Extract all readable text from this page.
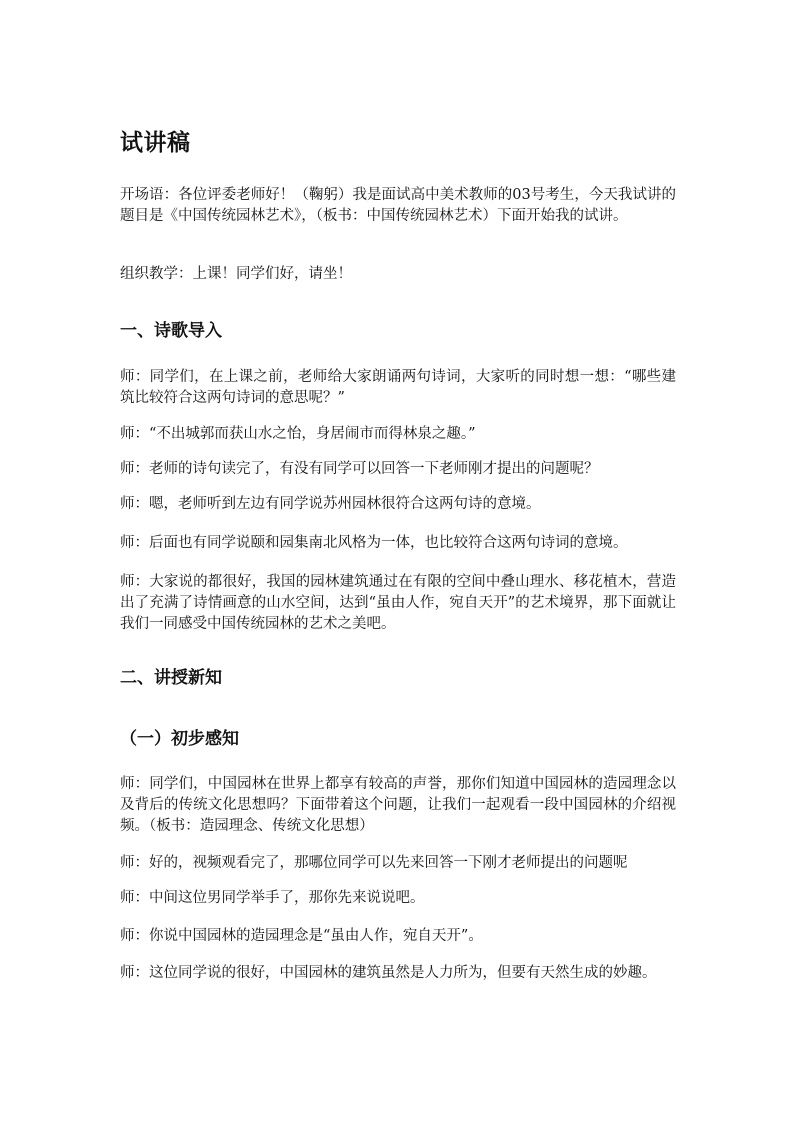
试讲稿
开场语：各位评委老师好！（鞠躬）我是面试高中美术教师的03号考生，今天我试讲的题目是《中国传统园林艺术》，（板书：中国传统园林艺术）下面开始我的试讲。
组织教学：上课！同学们好，请坐！
一、诗歌导入
师：同学们，在上课之前，老师给大家朗诵两句诗词，大家听的同时想一想：“哪些建筑比较符合这两句诗词的意思呢？”
师：“不出城郭而获山水之怡，身居闹市而得林泉之趣。”
师：老师的诗句读完了，有没有同学可以回答一下老师刚才提出的问题呢？
师：嗯，老师听到左边有同学说苏州园林很符合这两句诗的意境。
师：后面也有同学说颐和园集南北风格为一体，也比较符合这两句诗词的意境。
师：大家说的都很好，我国的园林建筑通过在有限的空间中叠山理水、移花植木，营造出了充满了诗情画意的山水空间，达到“虽由人作，宛自天开”的艺术境界，那下面就让我们一同感受中国传统园林的艺术之美吧。
二、讲授新知
（一）初步感知
师：同学们，中国园林在世界上都享有较高的声誉，那你们知道中国园林的造园理念以及背后的传统文化思想吗？下面带着这个问题，让我们一起观看一段中国园林的介绍视频。（板书：造园理念、传统文化思想）
师：好的，视频观看完了，那哪位同学可以先来回答一下刚才老师提出的问题呢
师：中间这位男同学举手了，那你先来说说吧。
师：你说中国园林的造园理念是“虽由人作，宛自天开”。
师：这位同学说的很好，中国园林的建筑虽然是人力所为，但要有天然生成的妙趣。
